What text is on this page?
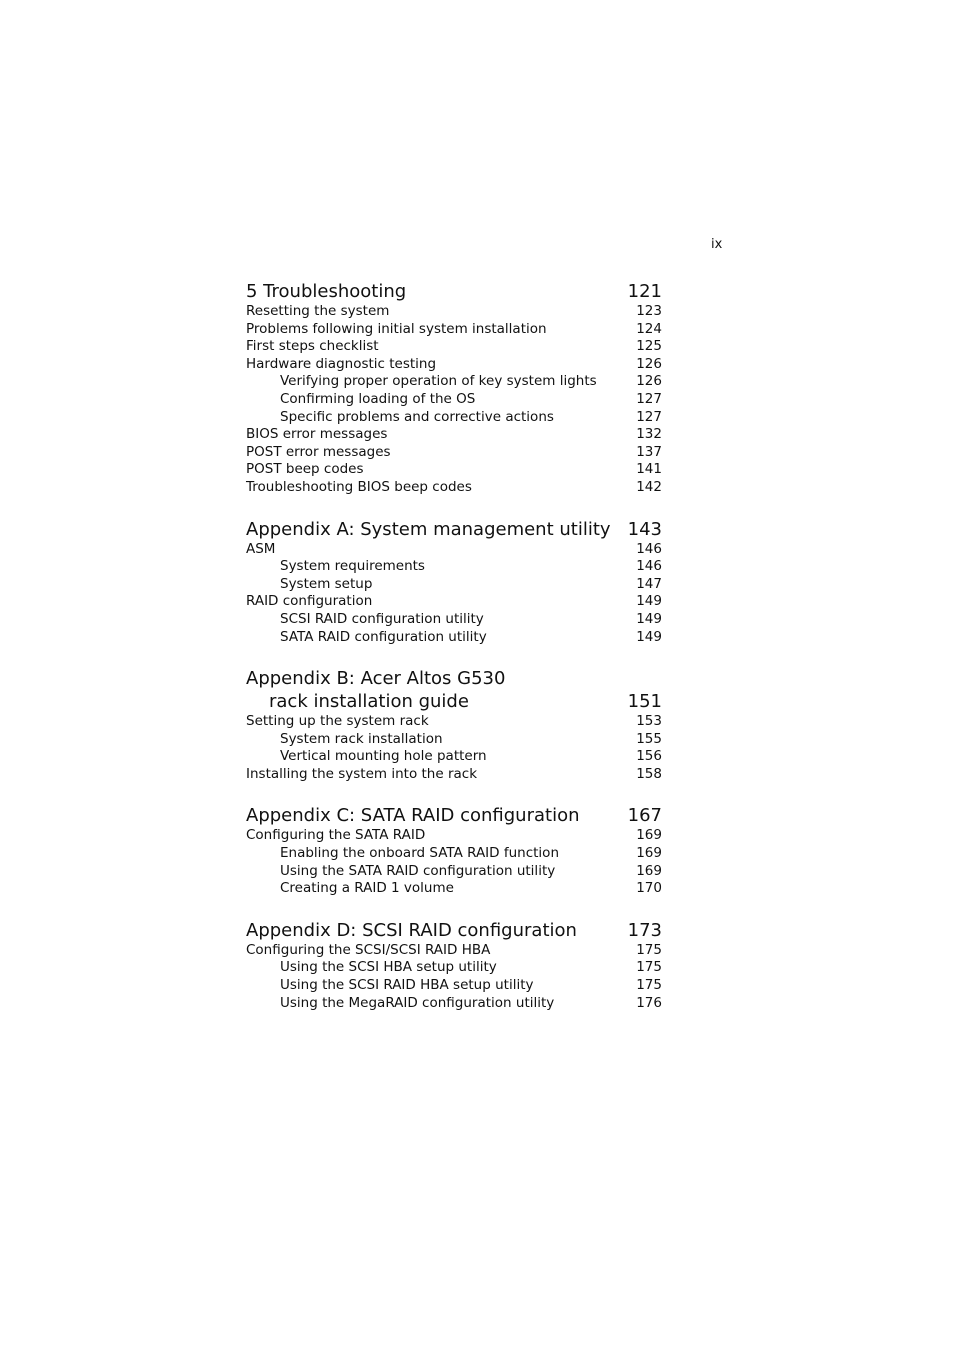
ix
5 Troubleshooting	121
Resetting the system	123
Problems following initial system installation	124
First steps checklist	125
Hardware diagnostic testing	126
Verifying proper operation of key system lights	126
Confirming loading of the OS	127
Specific problems and corrective actions	127
BIOS error messages	132
POST error messages	137
POST beep codes	141
Troubleshooting BIOS beep codes	142
Appendix A: System management utility 143
ASM	146
System requirements	146
System setup	147
RAID configuration	149
SCSI RAID configuration utility	149
SATA RAID configuration utility	149
Appendix B: Acer Altos G530
rack installation guide	151
Setting up the system rack	153
System rack installation	155
Vertical mounting hole pattern	156
Installing the system into the rack	158
Appendix C: SATA RAID configuration	167
Configuring the SATA RAID	169
Enabling the onboard SATA RAID function	169
Using the SATA RAID configuration utility	169
Creating a RAID 1 volume	170
Appendix D: SCSI RAID configuration	173
Configuring the SCSI/SCSI RAID HBA	175
Using the SCSI HBA setup utility	175
Using the SCSI RAID HBA setup utility	175
Using the MegaRAID configuration utility	176
